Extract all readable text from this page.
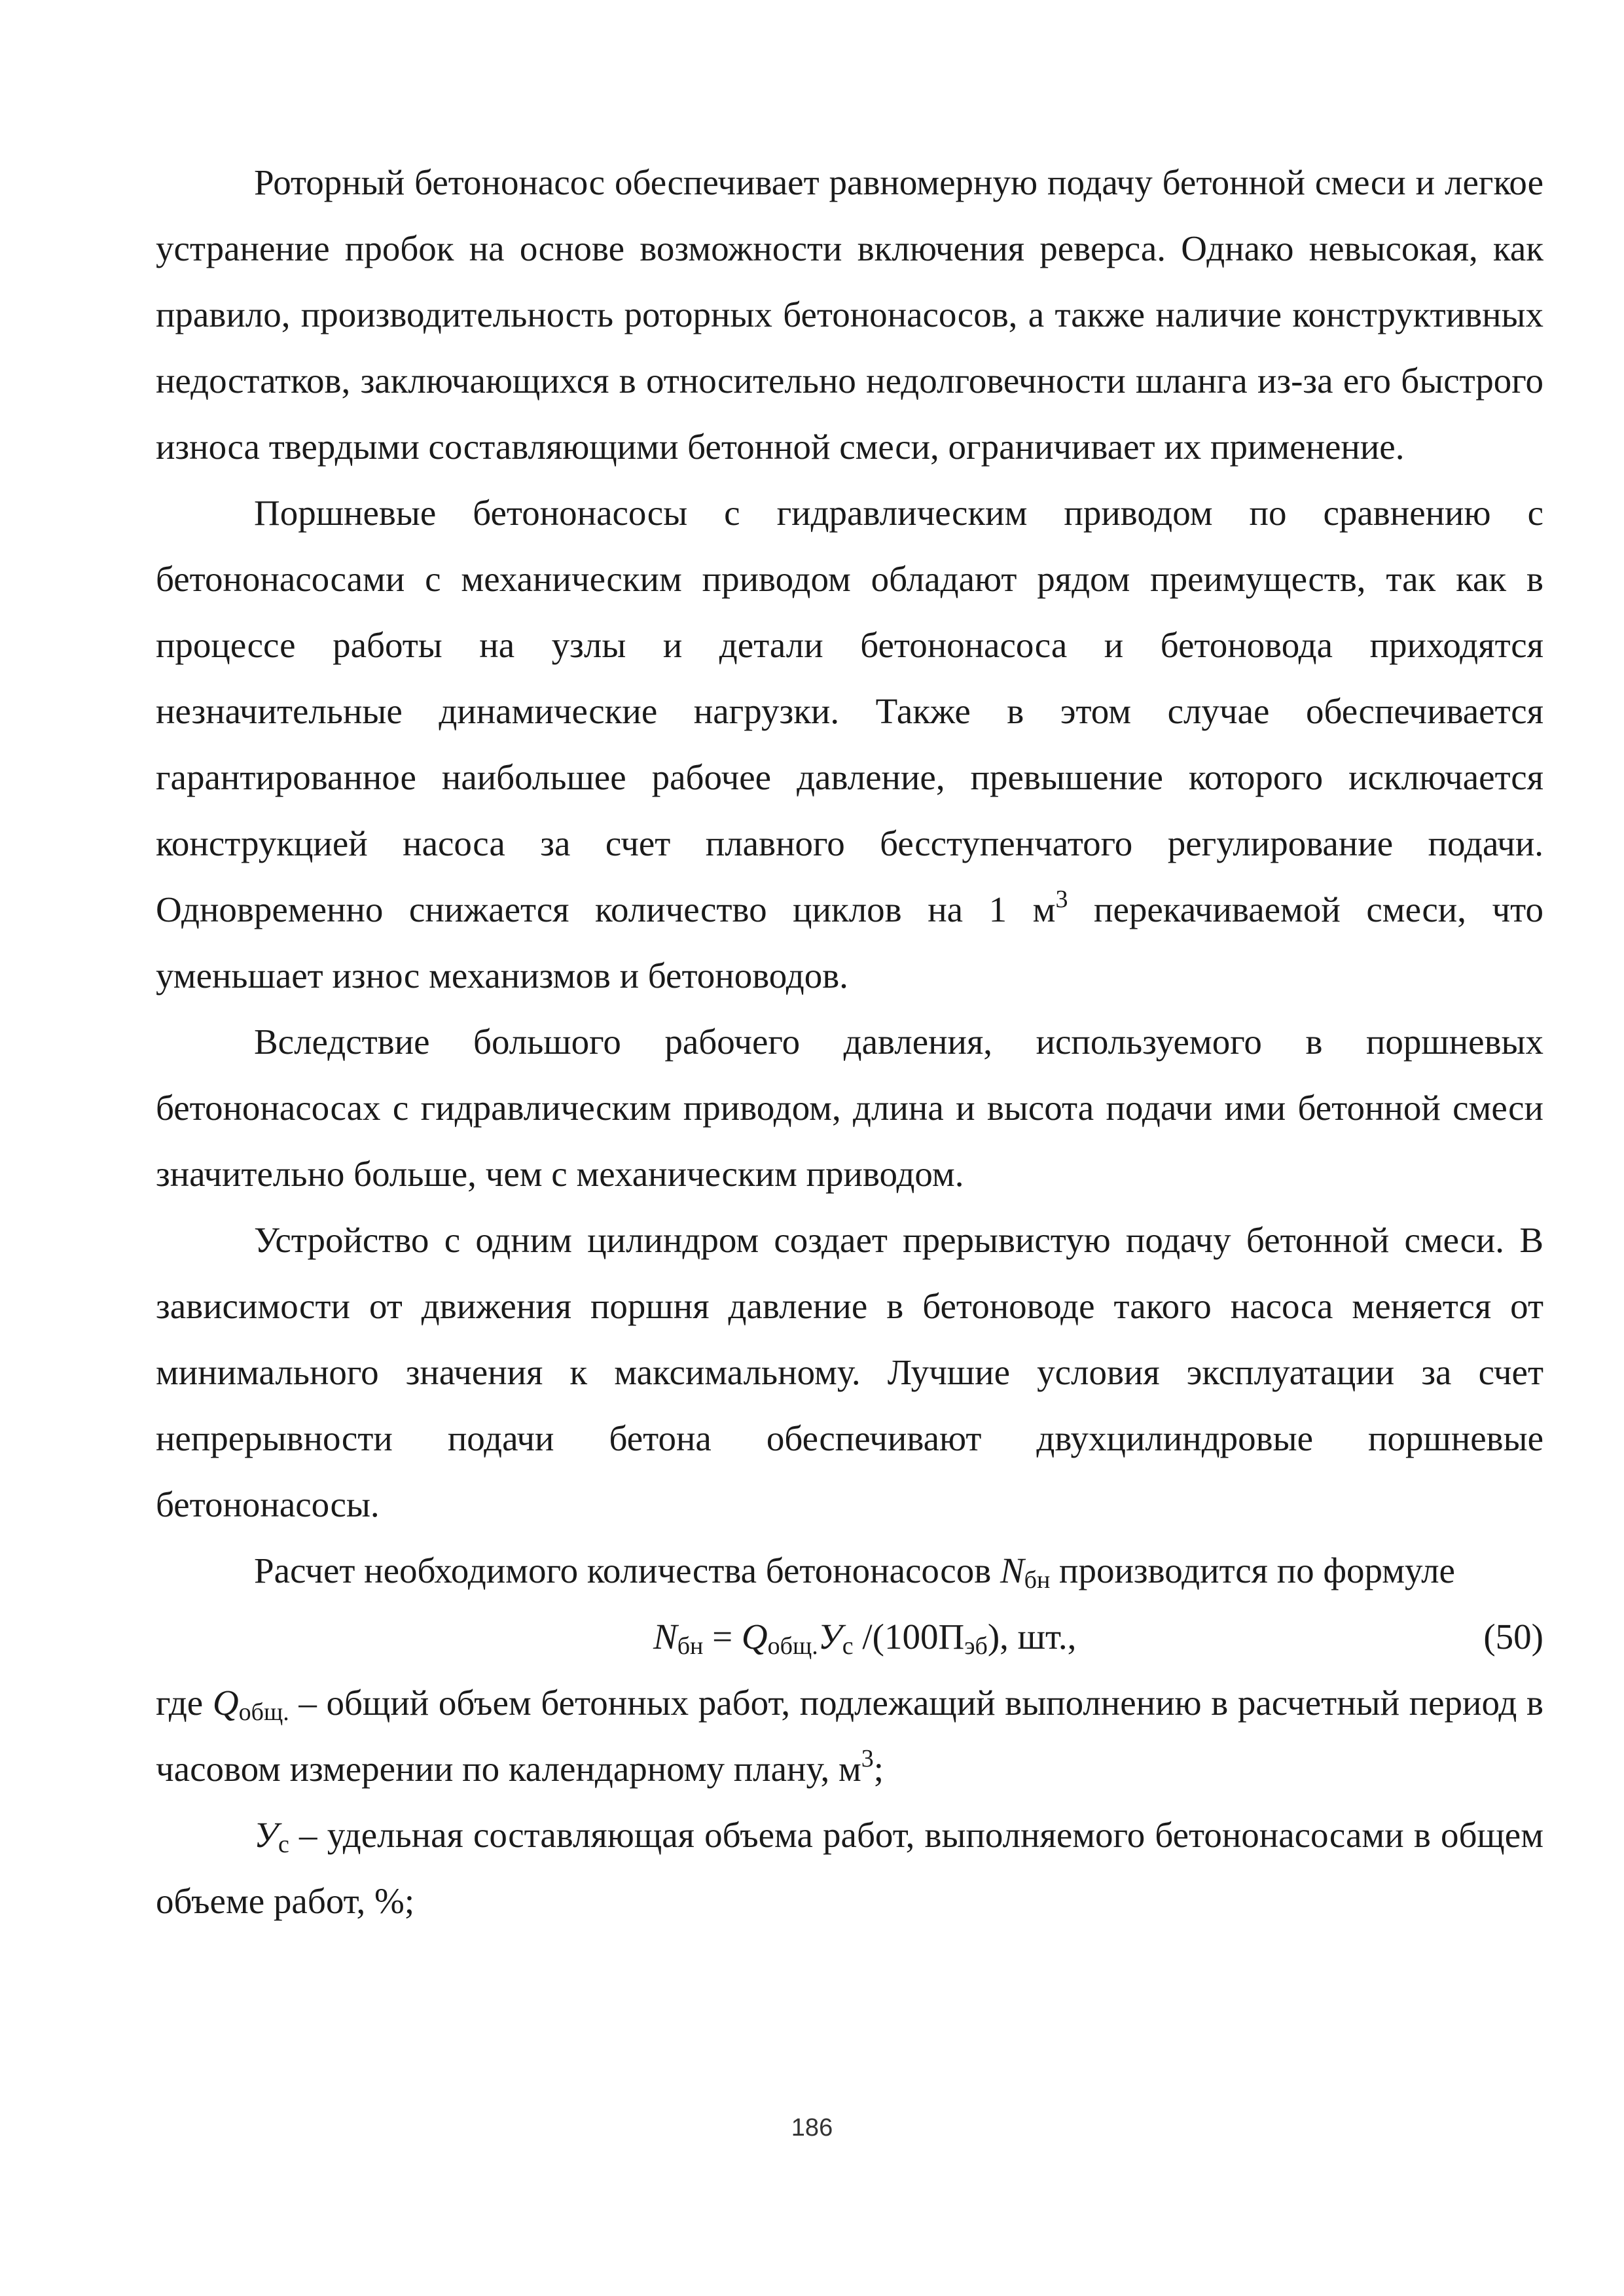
Роторный бетононасос обеспечивает равномерную подачу бетонной смеси и легкое устранение пробок на основе возможности включения реверса. Однако невысокая, как правило, производительность роторных бетононасосов, а также наличие конструктивных недостатков, заключающихся в относительно недолговечности шланга из-за его быстрого износа твердыми составляющими бетонной смеси, ограничивает их применение.

Поршневые бетононасосы с гидравлическим приводом по сравнению с бетононасосами с механическим приводом обладают рядом преимуществ, так как в процессе работы на узлы и детали бетононасоса и бетоновода приходятся незначительные динамические нагрузки. Также в этом случае обеспечивается гарантированное наибольшее рабочее давление, превышение которого исключается конструкцией насоса за счет плавного бесступенчатого регулирование подачи. Одновременно снижается количество циклов на 1 $м^3$ перекачиваемой смеси, что уменьшает износ механизмов и бетоноводов.

Вследствие большого рабочего давления, используемого в поршневых бетононасосах с гидравлическим приводом, длина и высота подачи ими бетонной смеси значительно больше, чем с механическим приводом.

Устройство с одним цилиндром создает прерывистую подачу бетонной смеси. В зависимости от движения поршня давление в бетоноводе такого насоса меняется от минимального значения к максимальному. Лучшие условия эксплуатации за счет непрерывности подачи бетона обеспечивают двухцилиндровые поршневые бетононасосы.

Расчет необходимого количества бетононасосов $N_{бн}$ производится по формуле

$N_{бн} = Q_{общ.}У_с$ $/(100П_{эб})$, шт.,	(50)

где $Q_{общ.}$ – общий объем бетонных работ, подлежащий выполнению в расчетный период в часовом измерении по календарному плану, $м^3$;

$У_с$ – удельная составляющая объема работ, выполняемого бетононасосами в общем объеме работ, %;

186
